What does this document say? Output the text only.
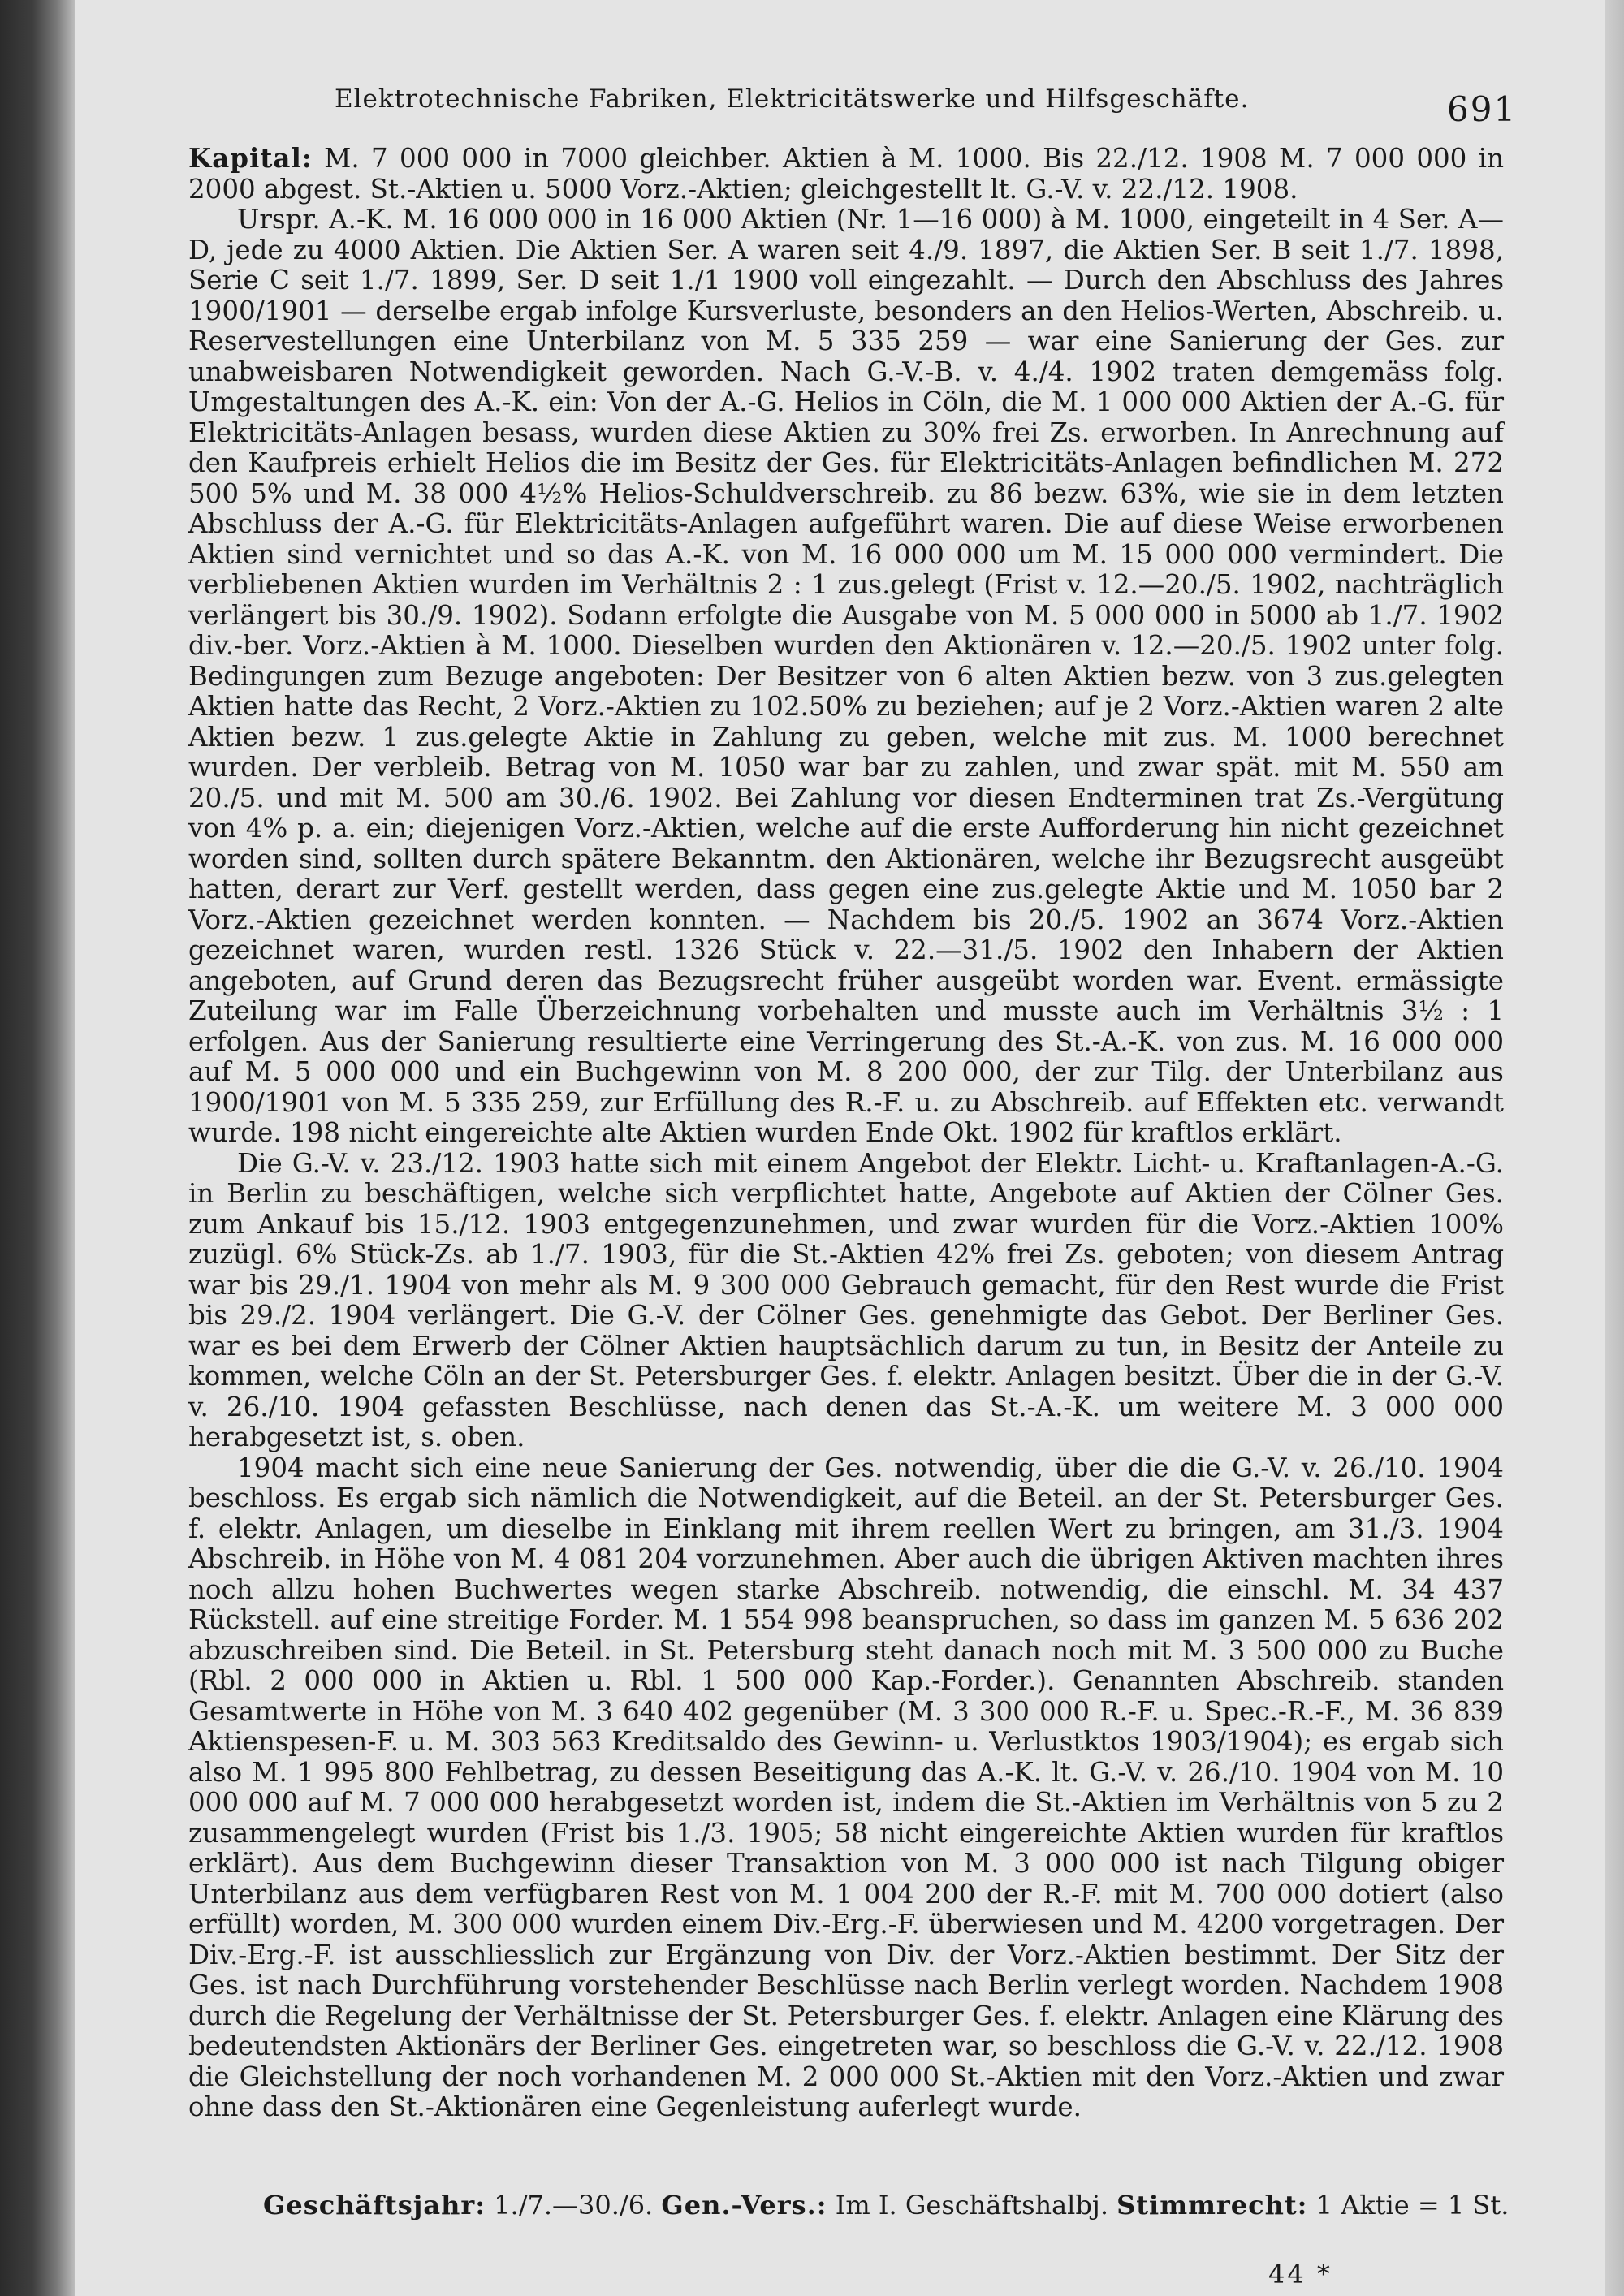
Elektrotechnische Fabriken, Elektricitätswerke und Hilfsgeschäfte.	691

Kapital: M. 7 000 000 in 7000 gleichber. Aktien à M. 1000. Bis 22./12. 1908 M. 7 000 000 in 2000 abgest. St.-Aktien u. 5000 Vorz.-Aktien; gleichgestellt lt. G.-V. v. 22./12. 1908.

Urspr. A.-K. M. 16 000 000 in 16 000 Aktien (Nr. 1—16 000) à M. 1000, eingeteilt in 4 Ser. A—D, jede zu 4000 Aktien. Die Aktien Ser. A waren seit 4./9. 1897, die Aktien Ser. B seit 1./7. 1898, Serie C seit 1./7. 1899, Ser. D seit 1./1 1900 voll eingezahlt. — Durch den Abschluss des Jahres 1900/1901 — derselbe ergab infolge Kursverluste, besonders an den Helios-Werten, Abschreib. u. Reservestellungen eine Unterbilanz von M. 5 335 259 — war eine Sanierung der Ges. zur unabweisbaren Notwendigkeit geworden. Nach G.-V.-B. v. 4./4. 1902 traten demgemäss folg. Umgestaltungen des A.-K. ein: Von der A.-G. Helios in Cöln, die M. 1 000 000 Aktien der A.-G. für Elektricitäts-Anlagen besass, wurden diese Aktien zu 30% frei Zs. erworben. In Anrechnung auf den Kaufpreis erhielt Helios die im Besitz der Ges. für Elektricitäts-Anlagen befindlichen M. 272 500 5% und M. 38 000 4½% Helios-Schuldverschreib. zu 86 bezw. 63%, wie sie in dem letzten Abschluss der A.-G. für Elektricitäts-Anlagen aufgeführt waren. Die auf diese Weise erworbenen Aktien sind vernichtet und so das A.-K. von M. 16 000 000 um M. 15 000 000 vermindert. Die verbliebenen Aktien wurden im Verhältnis 2 : 1 zus.gelegt (Frist v. 12.—20./5. 1902, nachträglich verlängert bis 30./9. 1902). Sodann erfolgte die Ausgabe von M. 5 000 000 in 5000 ab 1./7. 1902 div.-ber. Vorz.-Aktien à M. 1000. Dieselben wurden den Aktionären v. 12.—20./5. 1902 unter folg. Bedingungen zum Bezuge angeboten: Der Besitzer von 6 alten Aktien bezw. von 3 zus.gelegten Aktien hatte das Recht, 2 Vorz.-Aktien zu 102.50% zu beziehen; auf je 2 Vorz.-Aktien waren 2 alte Aktien bezw. 1 zus.gelegte Aktie in Zahlung zu geben, welche mit zus. M. 1000 berechnet wurden. Der verbleib. Betrag von M. 1050 war bar zu zahlen, und zwar spät. mit M. 550 am 20./5. und mit M. 500 am 30./6. 1902. Bei Zahlung vor diesen Endterminen trat Zs.-Vergütung von 4% p. a. ein; diejenigen Vorz.-Aktien, welche auf die erste Aufforderung hin nicht gezeichnet worden sind, sollten durch spätere Bekanntm. den Aktionären, welche ihr Bezugsrecht ausgeübt hatten, derart zur Verf. gestellt werden, dass gegen eine zus.gelegte Aktie und M. 1050 bar 2 Vorz.-Aktien gezeichnet werden konnten. — Nachdem bis 20./5. 1902 an 3674 Vorz.-Aktien gezeichnet waren, wurden restl. 1326 Stück v. 22.—31./5. 1902 den Inhabern der Aktien angeboten, auf Grund deren das Bezugsrecht früher ausgeübt worden war. Event. ermässigte Zuteilung war im Falle Überzeichnung vorbehalten und musste auch im Verhältnis 3½ : 1 erfolgen. Aus der Sanierung resultierte eine Verringerung des St.-A.-K. von zus. M. 16 000 000 auf M. 5 000 000 und ein Buchgewinn von M. 8 200 000, der zur Tilg. der Unterbilanz aus 1900/1901 von M. 5 335 259, zur Erfüllung des R.-F. u. zu Abschreib. auf Effekten etc. verwandt wurde. 198 nicht eingereichte alte Aktien wurden Ende Okt. 1902 für kraftlos erklärt.

Die G.-V. v. 23./12. 1903 hatte sich mit einem Angebot der Elektr. Licht- u. Kraftanlagen-A.-G. in Berlin zu beschäftigen, welche sich verpflichtet hatte, Angebote auf Aktien der Cölner Ges. zum Ankauf bis 15./12. 1903 entgegenzunehmen, und zwar wurden für die Vorz.-Aktien 100% zuzügl. 6% Stück-Zs. ab 1./7. 1903, für die St.-Aktien 42% frei Zs. geboten; von diesem Antrag war bis 29./1. 1904 von mehr als M. 9 300 000 Gebrauch gemacht, für den Rest wurde die Frist bis 29./2. 1904 verlängert. Die G.-V. der Cölner Ges. genehmigte das Gebot. Der Berliner Ges. war es bei dem Erwerb der Cölner Aktien hauptsächlich darum zu tun, in Besitz der Anteile zu kommen, welche Cöln an der St. Petersburger Ges. f. elektr. Anlagen besitzt. Über die in der G.-V. v. 26./10. 1904 gefassten Beschlüsse, nach denen das St.-A.-K. um weitere M. 3 000 000 herabgesetzt ist, s. oben.

1904 macht sich eine neue Sanierung der Ges. notwendig, über die die G.-V. v. 26./10. 1904 beschloss. Es ergab sich nämlich die Notwendigkeit, auf die Beteil. an der St. Petersburger Ges. f. elektr. Anlagen, um dieselbe in Einklang mit ihrem reellen Wert zu bringen, am 31./3. 1904 Abschreib. in Höhe von M. 4 081 204 vorzunehmen. Aber auch die übrigen Aktiven machten ihres noch allzu hohen Buchwertes wegen starke Abschreib. notwendig, die einschl. M. 34 437 Rückstell. auf eine streitige Forder. M. 1 554 998 beanspruchen, so dass im ganzen M. 5 636 202 abzuschreiben sind. Die Beteil. in St. Petersburg steht danach noch mit M. 3 500 000 zu Buche (Rbl. 2 000 000 in Aktien u. Rbl. 1 500 000 Kap.-Forder.). Genannten Abschreib. standen Gesamtwerte in Höhe von M. 3 640 402 gegenüber (M. 3 300 000 R.-F. u. Spec.-R.-F., M. 36 839 Aktienspesen-F. u. M. 303 563 Kreditsaldo des Gewinn- u. Verlustktos 1903/1904); es ergab sich also M. 1 995 800 Fehlbetrag, zu dessen Beseitigung das A.-K. lt. G.-V. v. 26./10. 1904 von M. 10 000 000 auf M. 7 000 000 herabgesetzt worden ist, indem die St.-Aktien im Verhältnis von 5 zu 2 zusammengelegt wurden (Frist bis 1./3. 1905; 58 nicht eingereichte Aktien wurden für kraftlos erklärt). Aus dem Buchgewinn dieser Transaktion von M. 3 000 000 ist nach Tilgung obiger Unterbilanz aus dem verfügbaren Rest von M. 1 004 200 der R.-F. mit M. 700 000 dotiert (also erfüllt) worden, M. 300 000 wurden einem Div.-Erg.-F. überwiesen und M. 4200 vorgetragen. Der Div.-Erg.-F. ist ausschliesslich zur Ergänzung von Div. der Vorz.-Aktien bestimmt. Der Sitz der Ges. ist nach Durchführung vorstehender Beschlüsse nach Berlin verlegt worden. Nachdem 1908 durch die Regelung der Verhältnisse der St. Petersburger Ges. f. elektr. Anlagen eine Klärung des bedeutendsten Aktionärs der Berliner Ges. eingetreten war, so beschloss die G.-V. v. 22./12. 1908 die Gleichstellung der noch vorhandenen M. 2 000 000 St.-Aktien mit den Vorz.-Aktien und zwar ohne dass den St.-Aktionären eine Gegenleistung auferlegt wurde.

Geschäftsjahr: 1./7.—30./6. Gen.-Vers.: Im I. Geschäftshalbj. Stimmrecht: 1 Aktie = 1 St.
44 *
